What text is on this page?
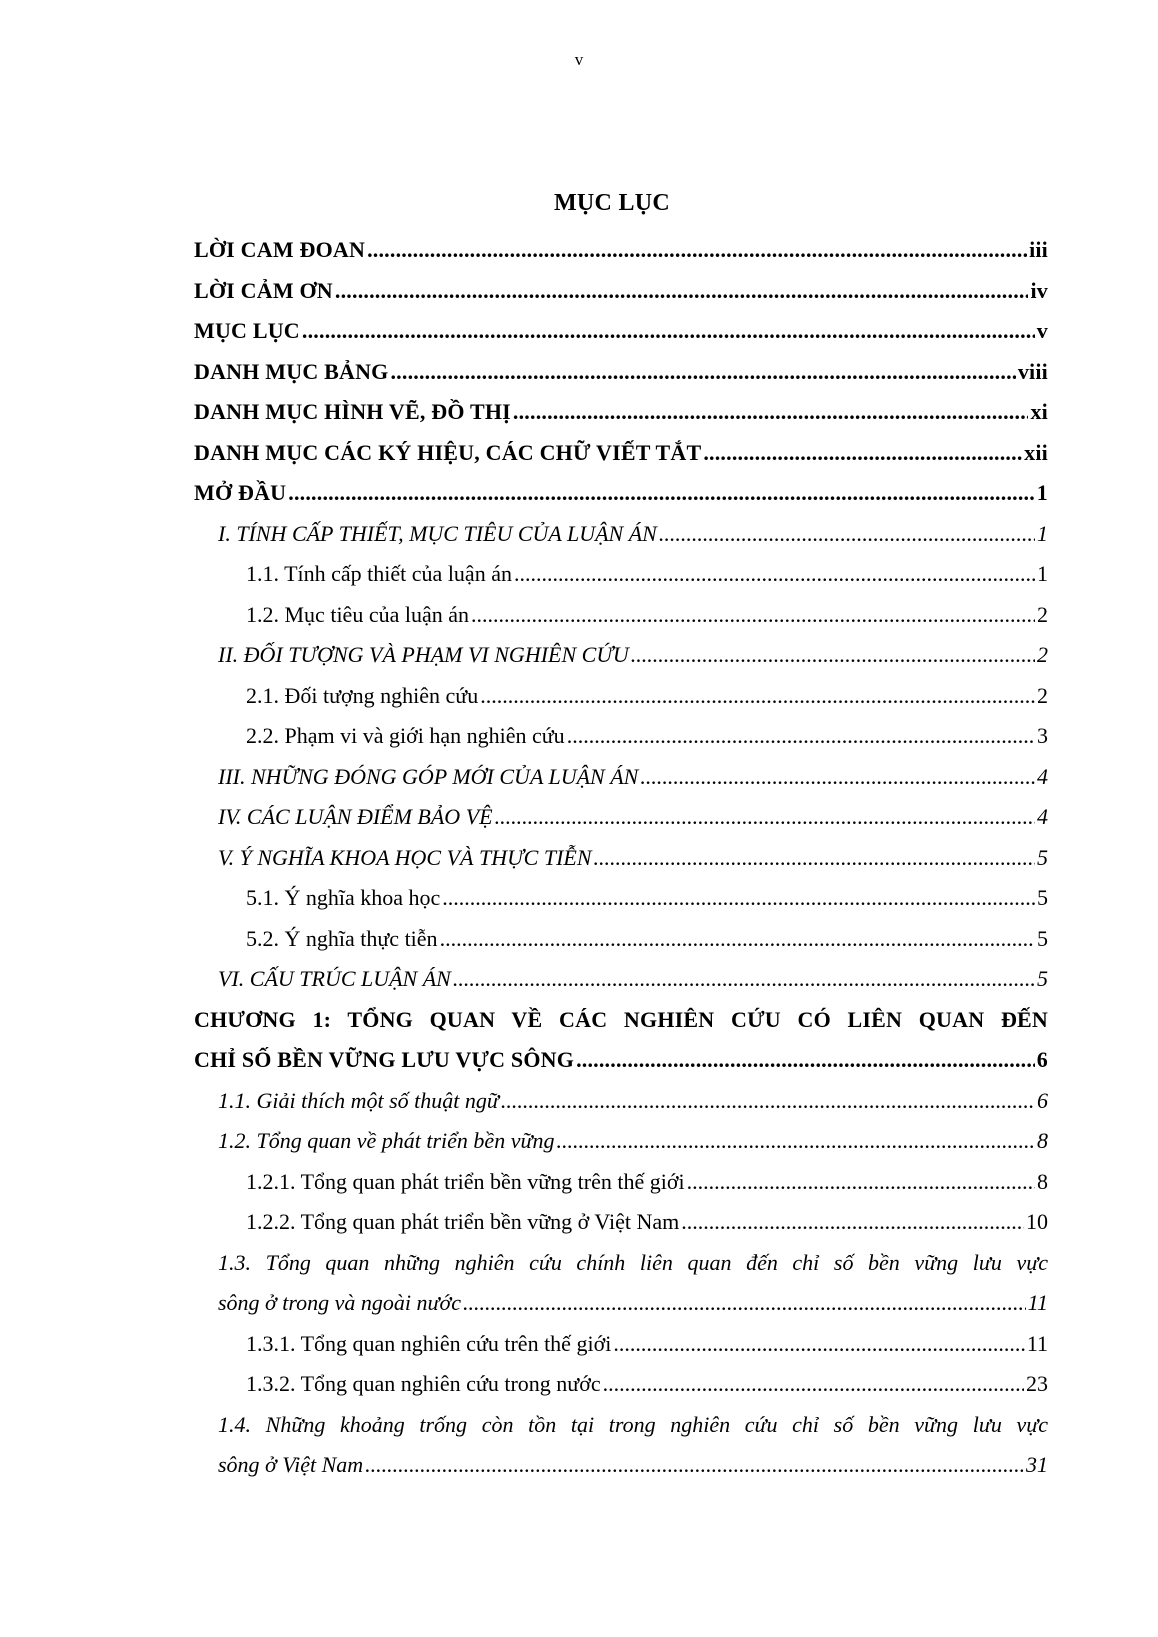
v
MỤC LỤC
LỜI CAM ĐOAN .....	iii
LỜI CẢM ƠN .....	iv
MỤC LỤC .....	v
DANH MỤC BẢNG .....	viii
DANH MỤC HÌNH VẼ, ĐỒ THỊ .....	xi
DANH MỤC CÁC KÝ HIỆU, CÁC CHỮ VIẾT TẮT .....	xii
MỞ ĐẦU .....	1
I. TÍNH CẤP THIẾT, MỤC TIÊU CỦA LUẬN ÁN .....	1
1.1. Tính cấp thiết của luận án .....	1
1.2. Mục tiêu của luận án .....	2
II. ĐỐI TƯỢNG VÀ PHẠM VI NGHIÊN CỨU .....	2
2.1. Đối tượng nghiên cứu .....	2
2.2. Phạm vi và giới hạn nghiên cứu .....	3
III. NHỮNG ĐÓNG GÓP MỚI CỦA LUẬN ÁN .....	4
IV. CÁC LUẬN ĐIỂM BẢO VỆ .....	4
V. Ý NGHĨA KHOA HỌC VÀ THỰC TIỄN .....	5
5.1. Ý nghĩa khoa học .....	5
5.2. Ý nghĩa thực tiễn .....	5
VI. CẤU TRÚC LUẬN ÁN .....	5
CHƯƠNG 1: TỔNG QUAN VỀ CÁC NGHIÊN CỨU CÓ LIÊN QUAN ĐẾN
CHỈ SỐ BỀN VỮNG LƯU VỰC SÔNG .....	6
1.1. Giải thích một số thuật ngữ .....	6
1.2. Tổng quan về phát triển bền vững .....	8
1.2.1. Tổng quan phát triển bền vững trên thế giới .....	8
1.2.2. Tổng quan phát triển bền vững ở Việt Nam .....	10
1.3. Tổng quan những nghiên cứu chính liên quan đến chỉ số bền vững lưu vực
sông ở trong và ngoài nước .....	11
1.3.1. Tổng quan nghiên cứu trên thế giới .....	11
1.3.2. Tổng quan nghiên cứu trong nước .....	23
1.4. Những khoảng trống còn tồn tại trong nghiên cứu chỉ số bền vững lưu vực
sông ở Việt Nam .....	31
